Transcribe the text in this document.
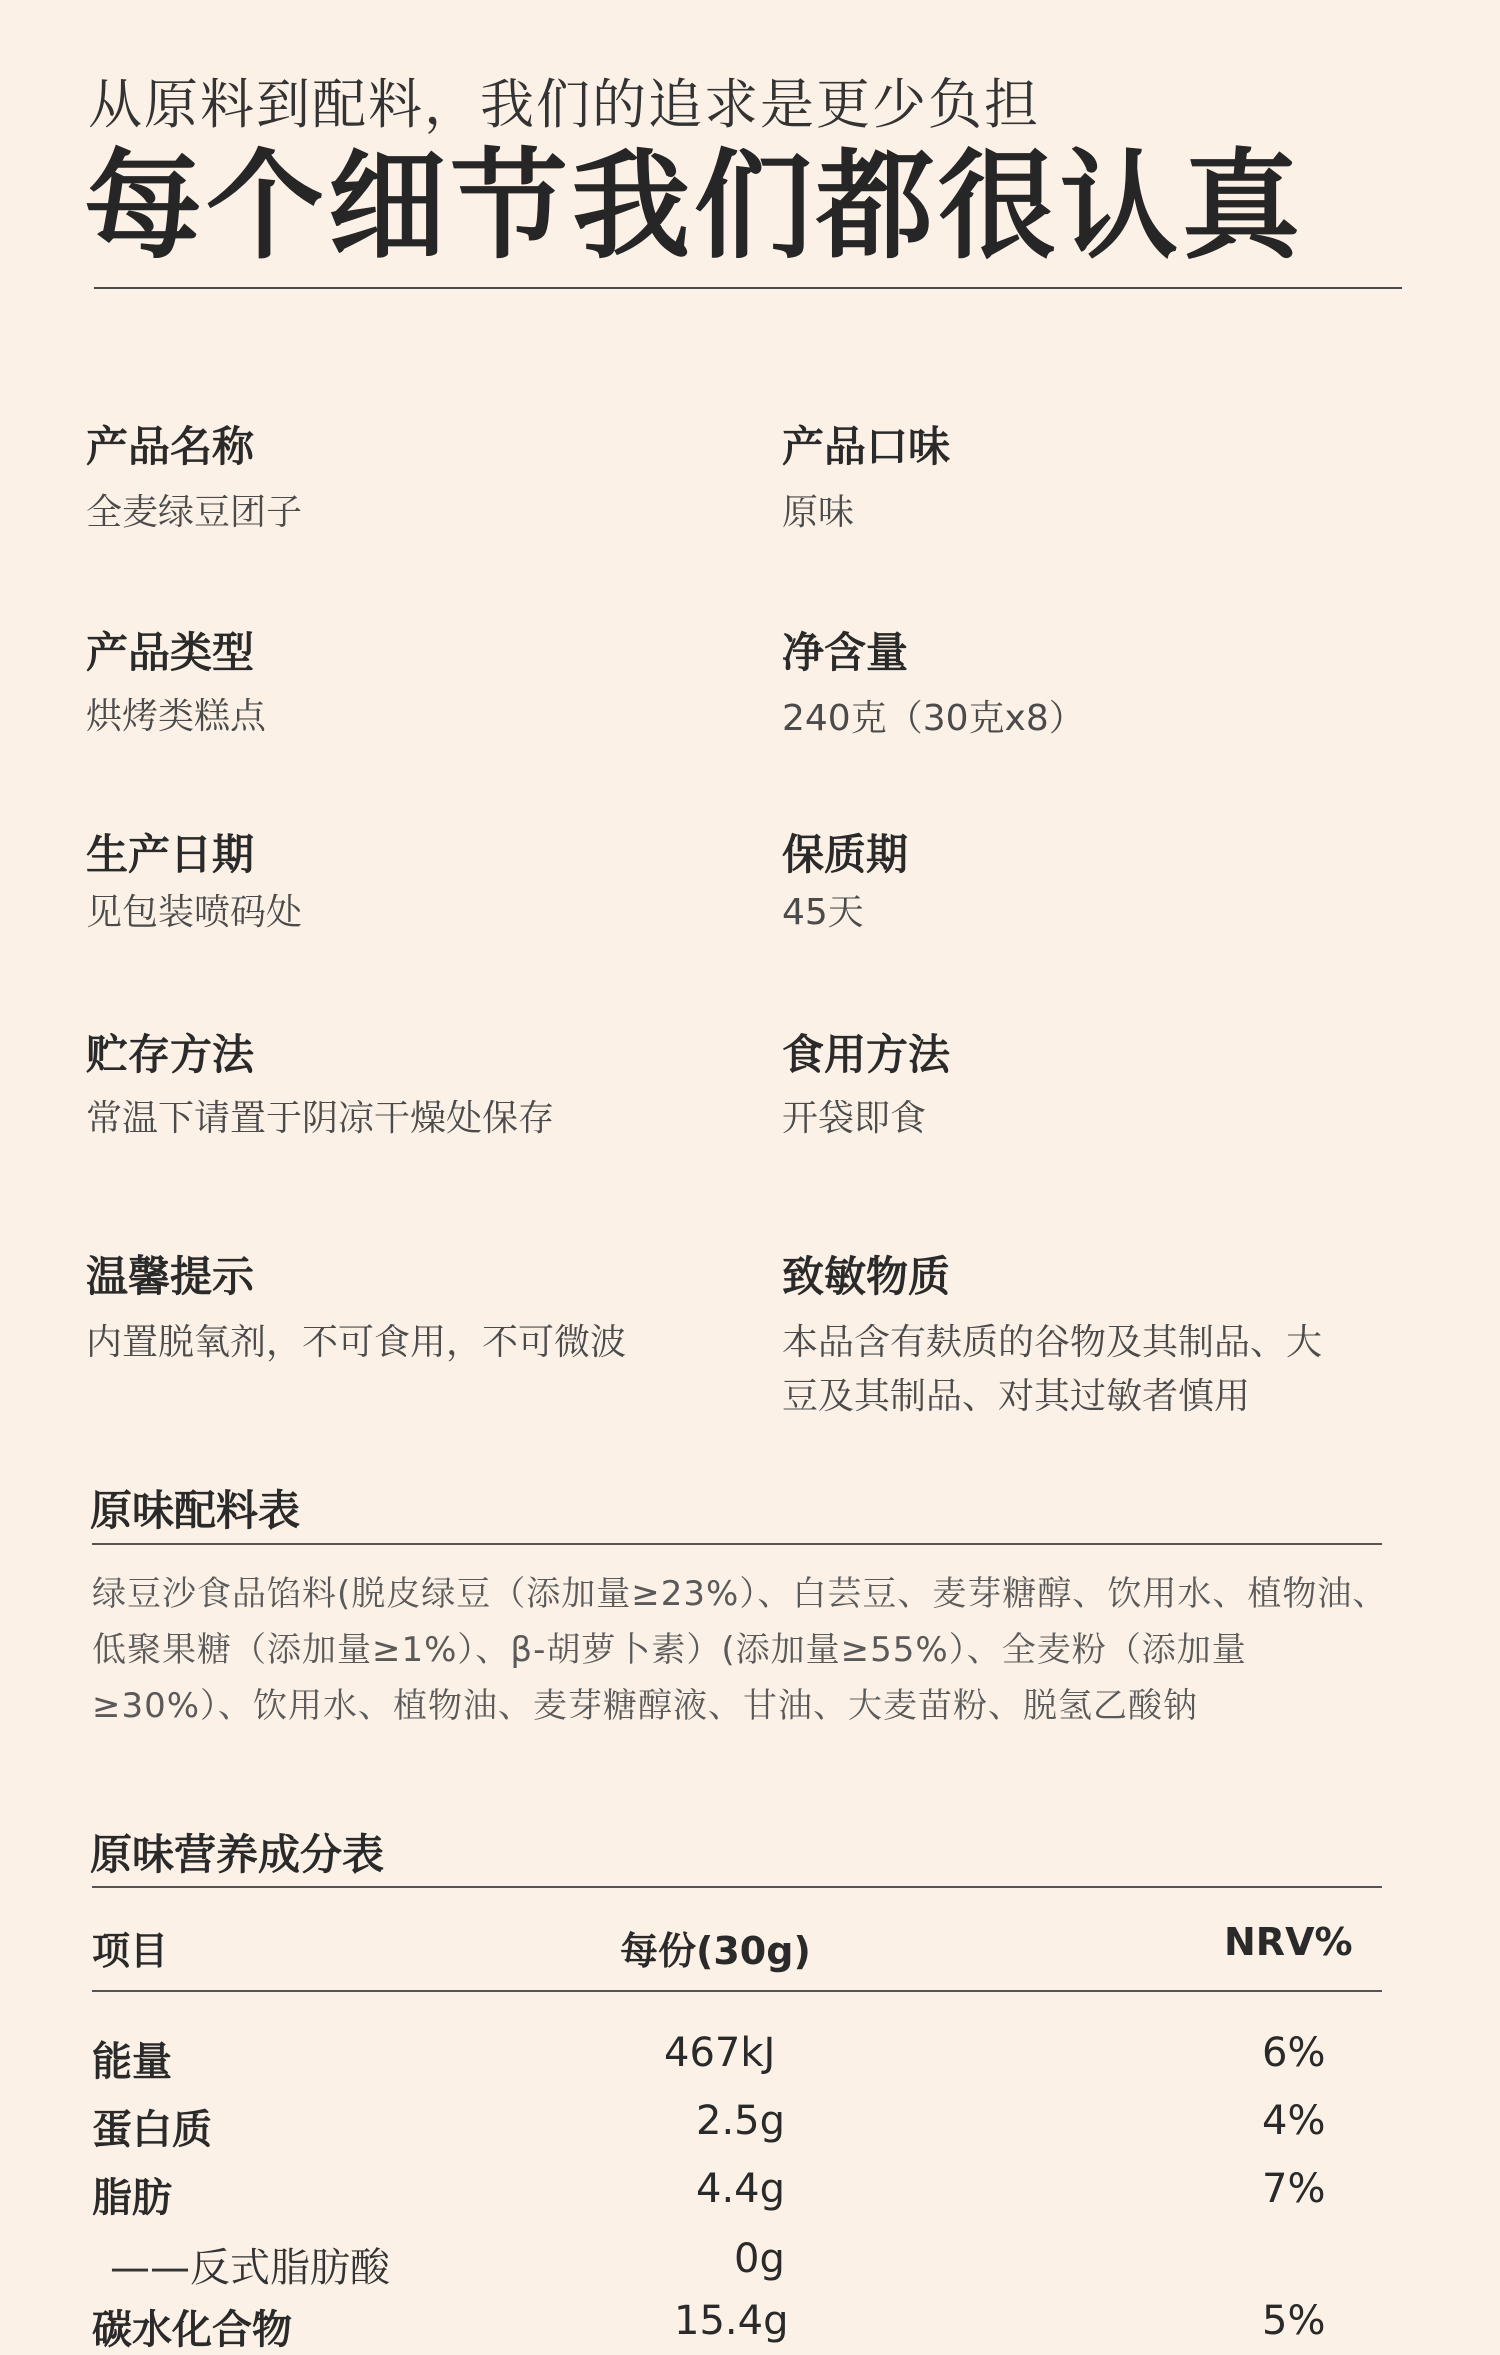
从原料到配料，我们的追求是更少负担
每个细节我们都很认真
产品名称
全麦绿豆团子
产品口味
原味
产品类型
烘烤类糕点
净含量
240克（30克x8）
生产日期
见包装喷码处
保质期
45天
贮存方法
常温下请置于阴凉干燥处保存
食用方法
开袋即食
温馨提示
内置脱氧剂，不可食用，不可微波
致敏物质
本品含有麸质的谷物及其制品、大豆及其制品、对其过敏者慎用
原味配料表
绿豆沙食品馅料(脱皮绿豆（添加量≥23%）、白芸豆、麦芽糖醇、饮用水、植物油、低聚果糖（添加量≥1%）、β-胡萝卜素）(添加量≥55%）、全麦粉（添加量≥30%）、饮用水、植物油、麦芽糖醇液、甘油、大麦苗粉、脱氢乙酸钠
原味营养成分表
项目	每份(30g)	NRV%
能量	467kJ	6%
蛋白质	2.5g	4%
脂肪	4.4g	7%
——反式脂肪酸	0g
碳水化合物	15.4g	5%
